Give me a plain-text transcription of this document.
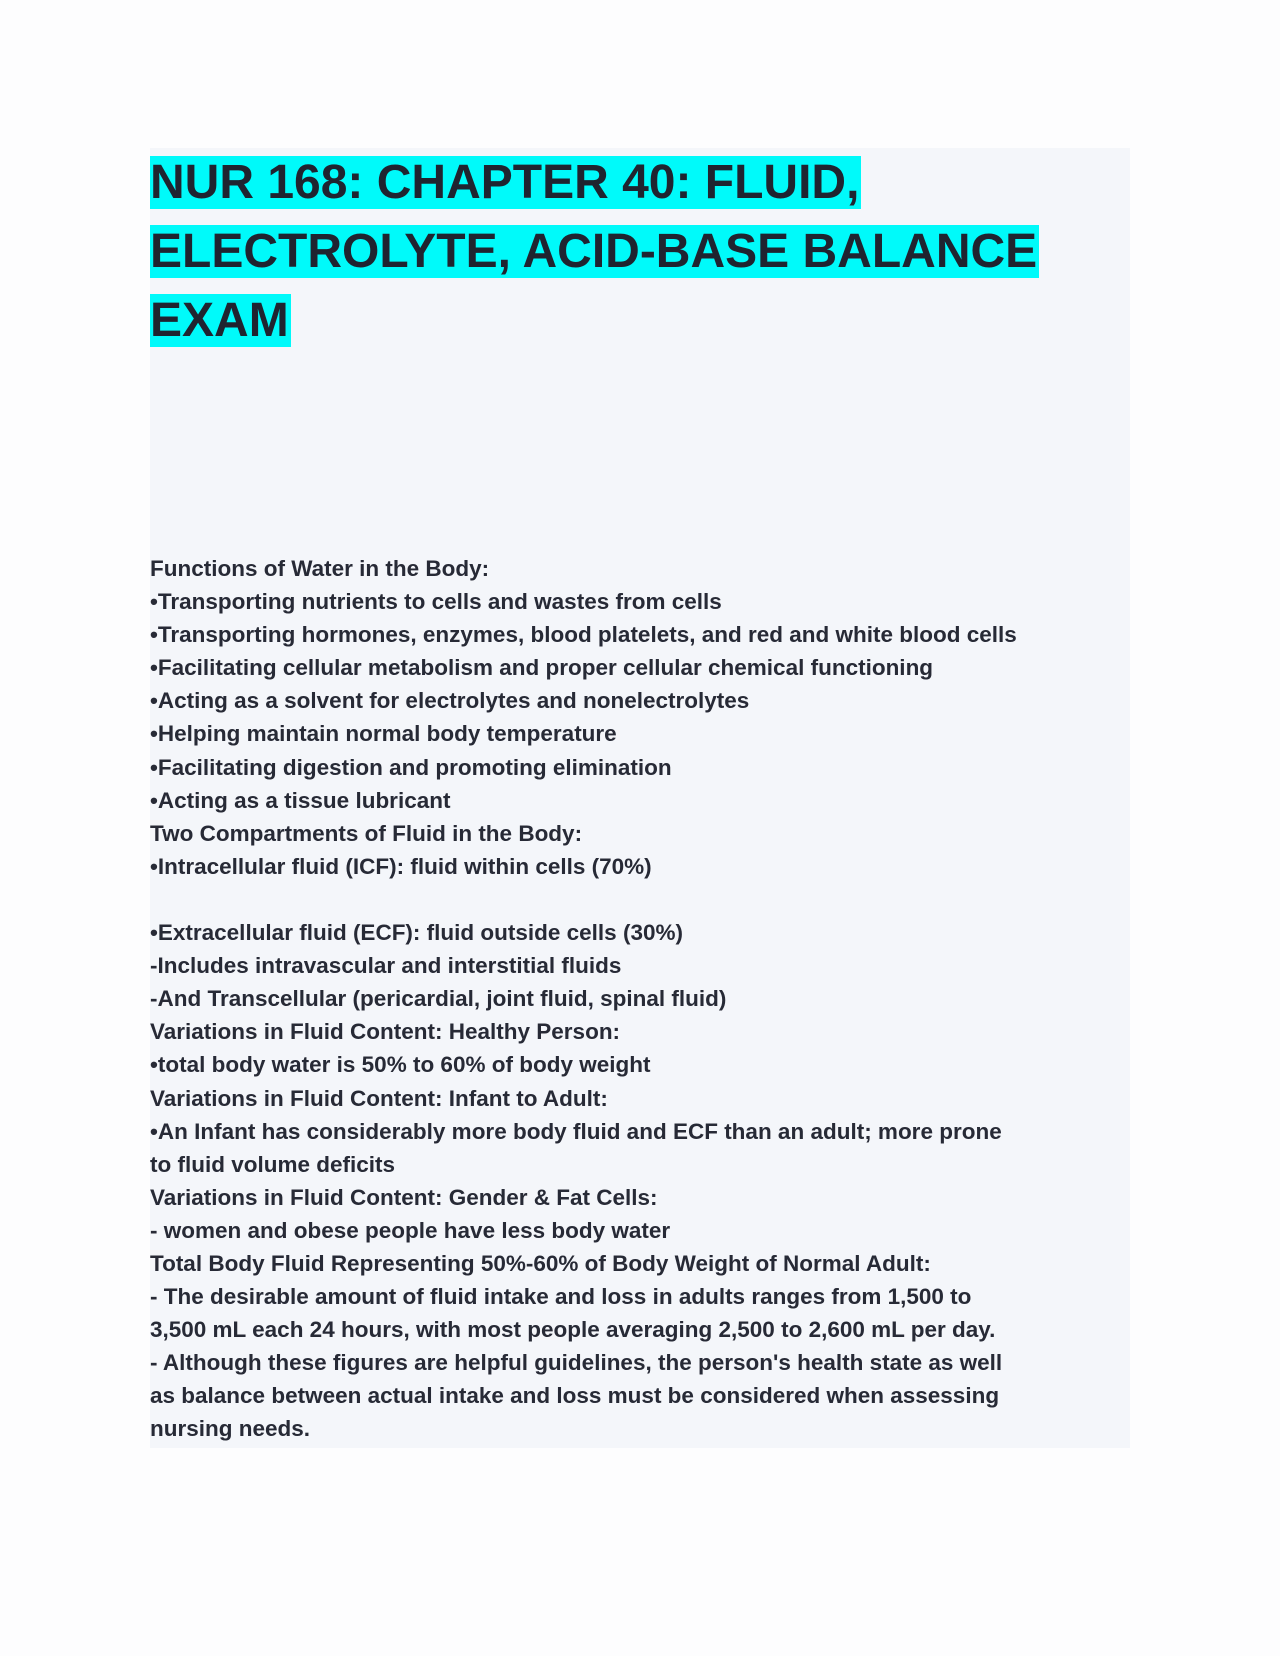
NUR 168: CHAPTER 40: FLUID,
ELECTROLYTE, ACID-BASE BALANCE
EXAM
Functions of Water in the Body:
•Transporting nutrients to cells and wastes from cells
•Transporting hormones, enzymes, blood platelets, and red and white blood cells
•Facilitating cellular metabolism and proper cellular chemical functioning
•Acting as a solvent for electrolytes and nonelectrolytes
•Helping maintain normal body temperature
•Facilitating digestion and promoting elimination
•Acting as a tissue lubricant
Two Compartments of Fluid in the Body:
•Intracellular fluid (ICF): fluid within cells (70%)
•Extracellular fluid (ECF): fluid outside cells (30%)
-Includes intravascular and interstitial fluids
-And Transcellular (pericardial, joint fluid, spinal fluid)
Variations in Fluid Content: Healthy Person:
•total body water is 50% to 60% of body weight
Variations in Fluid Content: Infant to Adult:
•An Infant has considerably more body fluid and ECF than an adult; more prone
to fluid volume deficits
Variations in Fluid Content: Gender & Fat Cells:
- women and obese people have less body water
Total Body Fluid Representing 50%-60% of Body Weight of Normal Adult:
- The desirable amount of fluid intake and loss in adults ranges from 1,500 to
3,500 mL each 24 hours, with most people averaging 2,500 to 2,600 mL per day.
- Although these figures are helpful guidelines, the person's health state as well
as balance between actual intake and loss must be considered when assessing
nursing needs.
